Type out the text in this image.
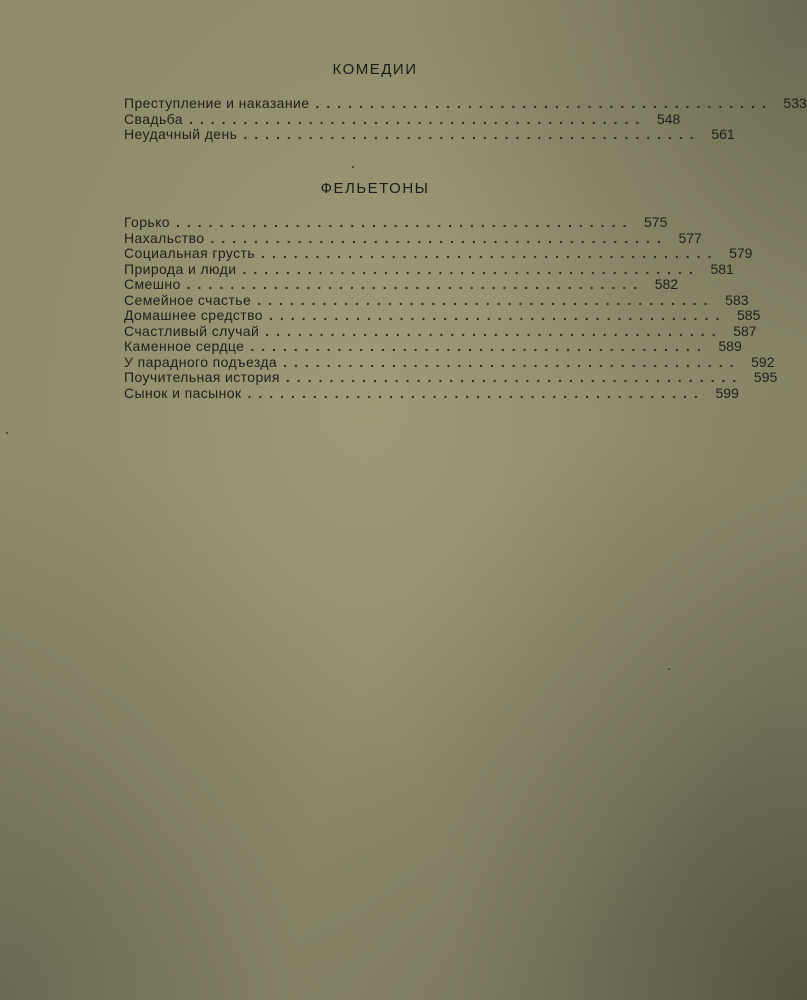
КОМЕДИИ
Преступление и наказание .......................................... 533
Свадьба .......................................... 548
Неудачный день .......................................... 561
ФЕЛЬЕТОНЫ
Горько .......................................... 575
Нахальство .......................................... 577
Социальная грусть .......................................... 579
Природа и люди .......................................... 581
Смешно .......................................... 582
Семейное счастье .......................................... 583
Домашнее средство .......................................... 585
Счастливый случай .......................................... 587
Каменное сердце .......................................... 589
У парадного подъезда .......................................... 592
Поучительная история .......................................... 595
Сынок и пасынок .......................................... 599
